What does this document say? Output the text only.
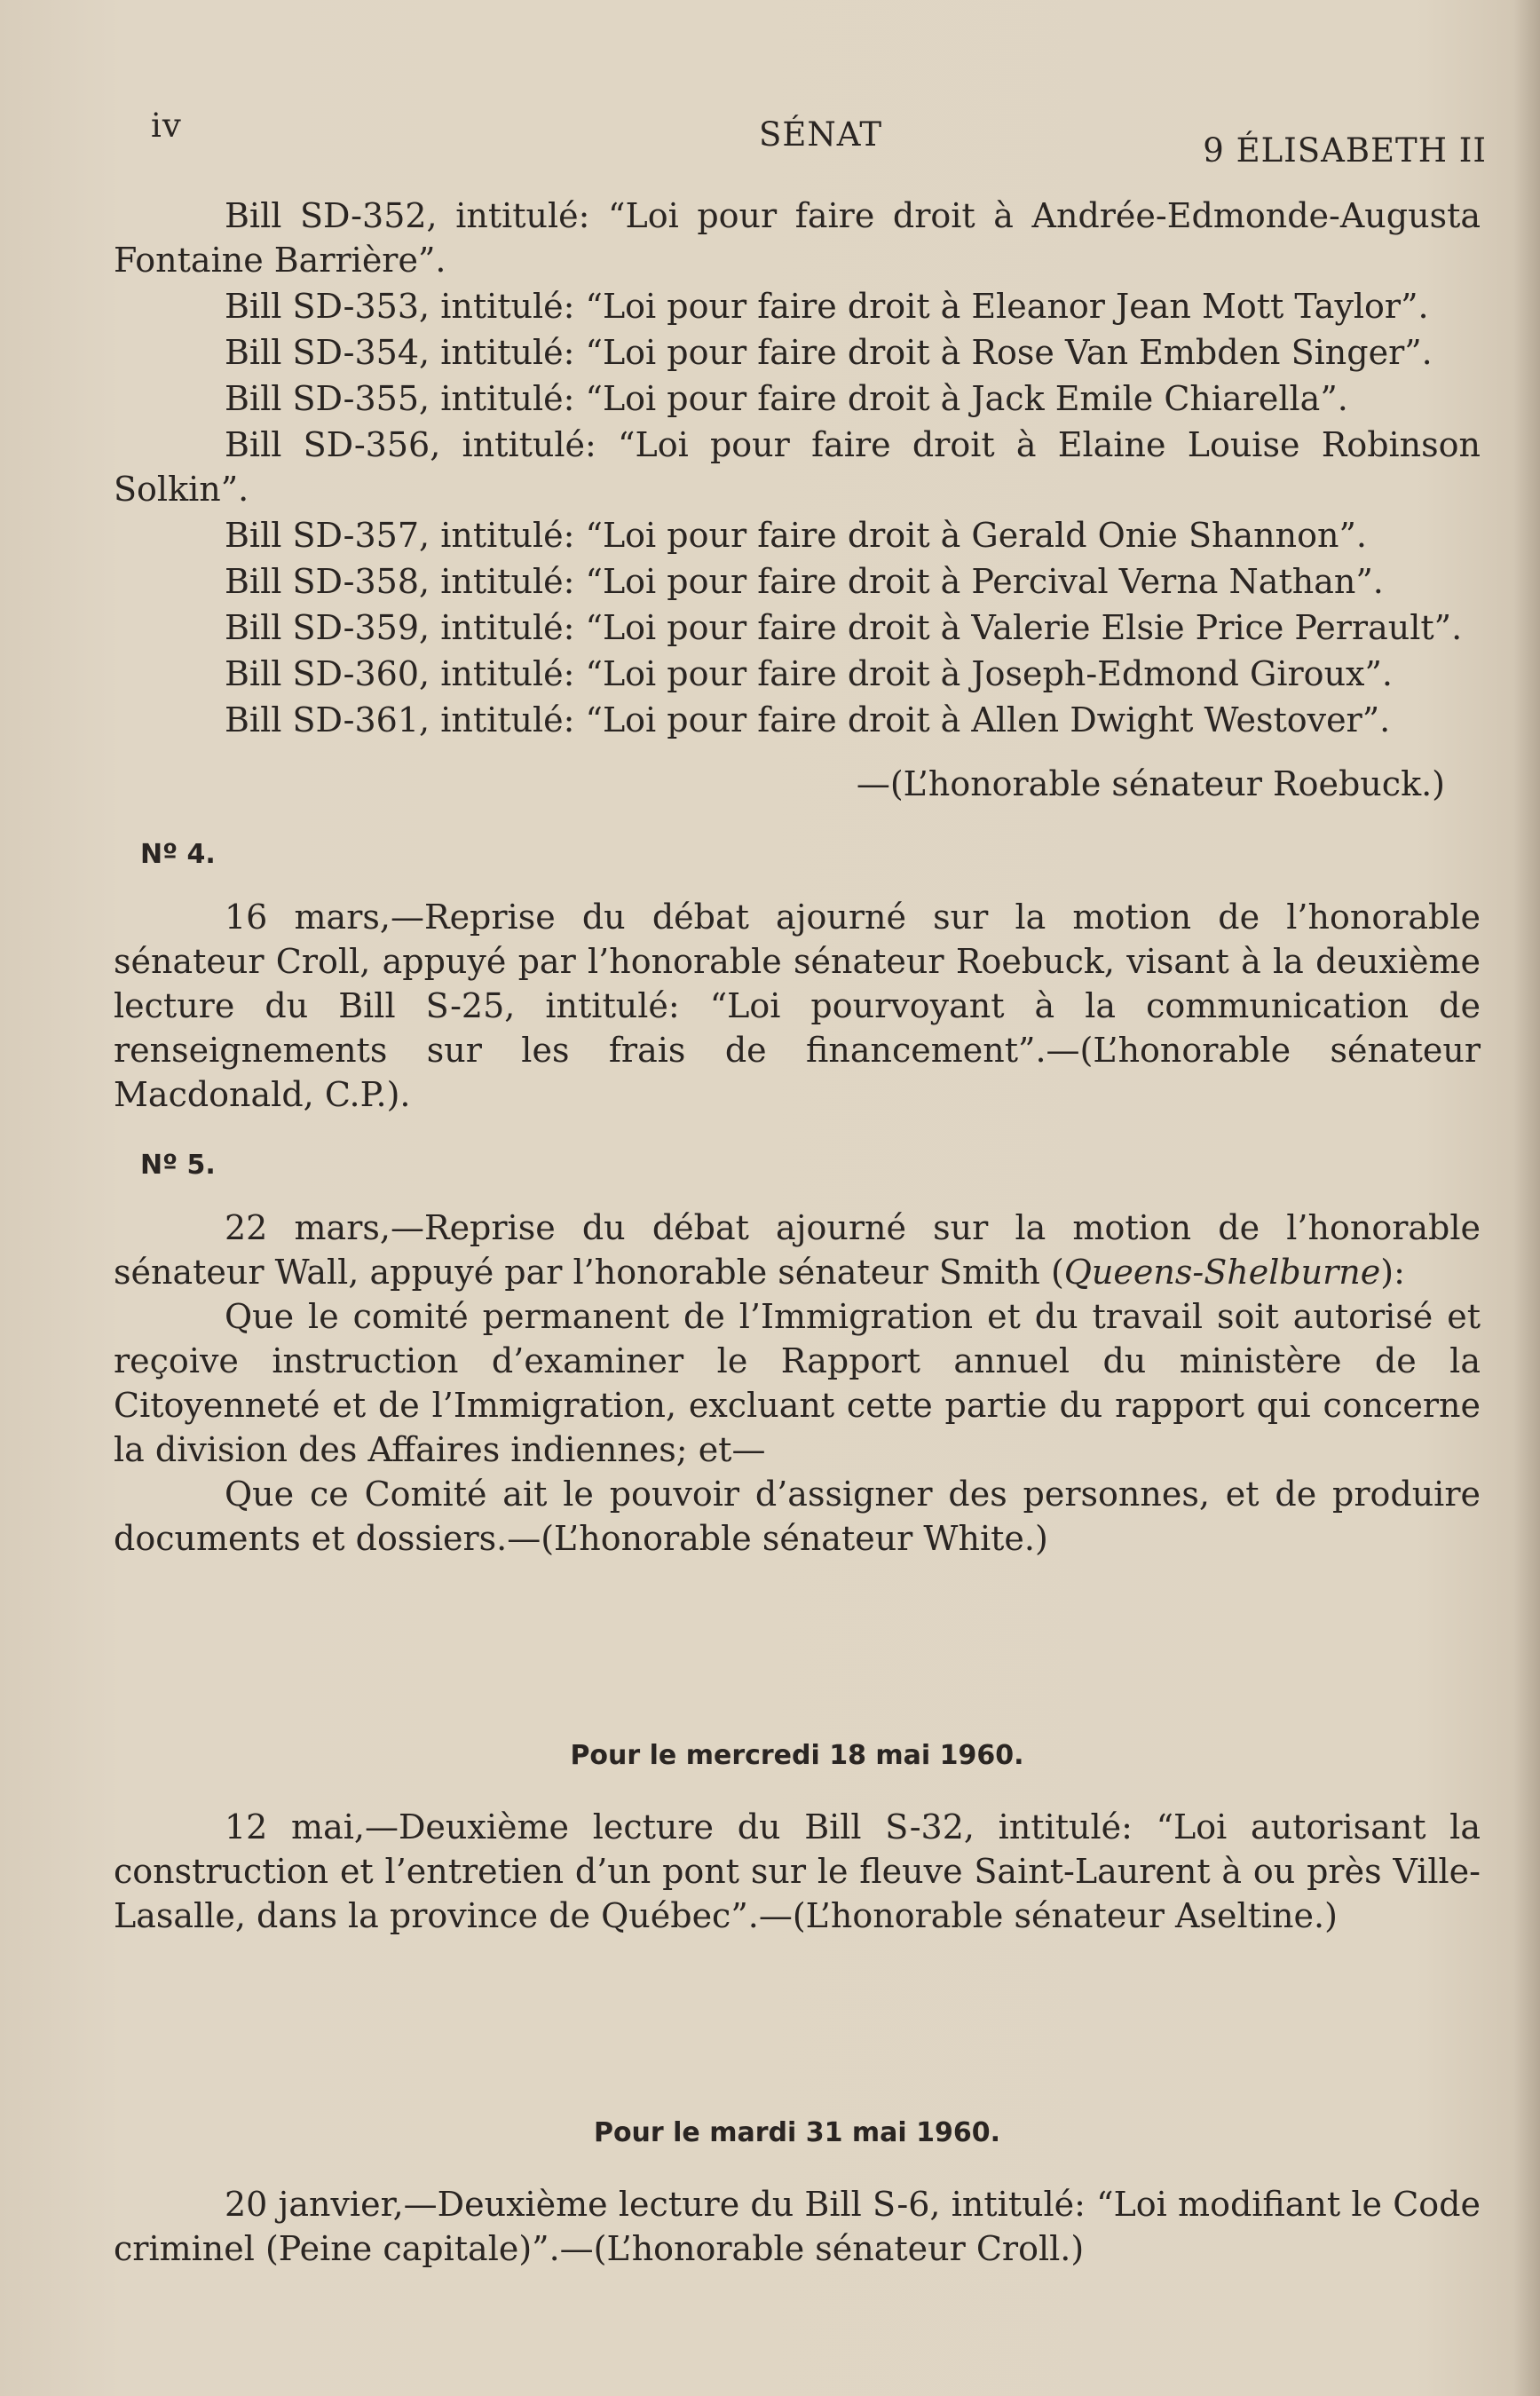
iv	SÉNAT	9 ÉLISABETH II

Bill SD-352, intitulé: “Loi pour faire droit à Andrée-Edmonde-Augusta Fontaine Barrière”.

Bill SD-353, intitulé: “Loi pour faire droit à Eleanor Jean Mott Taylor”.

Bill SD-354, intitulé: “Loi pour faire droit à Rose Van Embden Singer”.

Bill SD-355, intitulé: “Loi pour faire droit à Jack Emile Chiarella”.

Bill SD-356, intitulé: “Loi pour faire droit à Elaine Louise Robinson Solkin”.

Bill SD-357, intitulé: “Loi pour faire droit à Gerald Onie Shannon”.

Bill SD-358, intitulé: “Loi pour faire droit à Percival Verna Nathan”.

Bill SD-359, intitulé: “Loi pour faire droit à Valerie Elsie Price Perrault”.

Bill SD-360, intitulé: “Loi pour faire droit à Joseph-Edmond Giroux”.

Bill SD-361, intitulé: “Loi pour faire droit à Allen Dwight Westover”.

—(L’honorable sénateur Roebuck.)

Nº 4.

16 mars,—Reprise du débat ajourné sur la motion de l’honorable sénateur Croll, appuyé par l’honorable sénateur Roebuck, visant à la deuxième lecture du Bill S-25, intitulé: “Loi pourvoyant à la communication de renseignements sur les frais de financement”.—(L’honorable sénateur Macdonald, C.P.).

Nº 5.

22 mars,—Reprise du débat ajourné sur la motion de l’honorable sénateur Wall, appuyé par l’honorable sénateur Smith (Queens-Shelburne):

Que le comité permanent de l’Immigration et du travail soit autorisé et reçoive instruction d’examiner le Rapport annuel du ministère de la Citoyenneté et de l’Immigration, excluant cette partie du rapport qui concerne la division des Affaires indiennes; et—

Que ce Comité ait le pouvoir d’assigner des personnes, et de produire documents et dossiers.—(L’honorable sénateur White.)

Pour le mercredi 18 mai 1960.

12 mai,—Deuxième lecture du Bill S-32, intitulé: “Loi autorisant la construction et l’entretien d’un pont sur le fleuve Saint-Laurent à ou près Ville-Lasalle, dans la province de Québec”.—(L’honorable sénateur Aseltine.)

Pour le mardi 31 mai 1960.

20 janvier,—Deuxième lecture du Bill S-6, intitulé: “Loi modifiant le Code criminel (Peine capitale)”.—(L’honorable sénateur Croll.)
